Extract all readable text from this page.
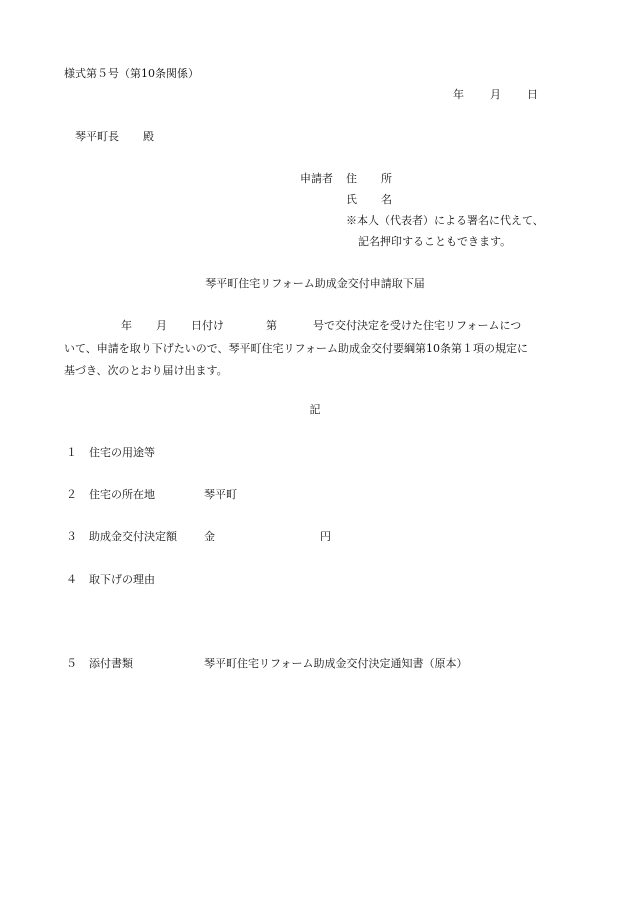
様式第５号（第10条関係）
年 月 日
琴平町長 殿
申請者 住 所
氏 名
※本人（代表者）による署名に代えて、
記名押印することもできます。
琴平町住宅リフォーム助成金交付申請取下届
年 月 日付け	第	号で交付決定を受けた住宅リフォームにつ
いて、申請を取り下げたいので、琴平町住宅リフォーム助成金交付要綱第10条第１項の規定に
基づき、次のとおり届け出ます。
記
１ 住宅の用途等
２ 住宅の所在地	琴平町
３ 助成金交付決定額 金	円
４ 取下げの理由
５ 添付書類	琴平町住宅リフォーム助成金交付決定通知書（原本）
